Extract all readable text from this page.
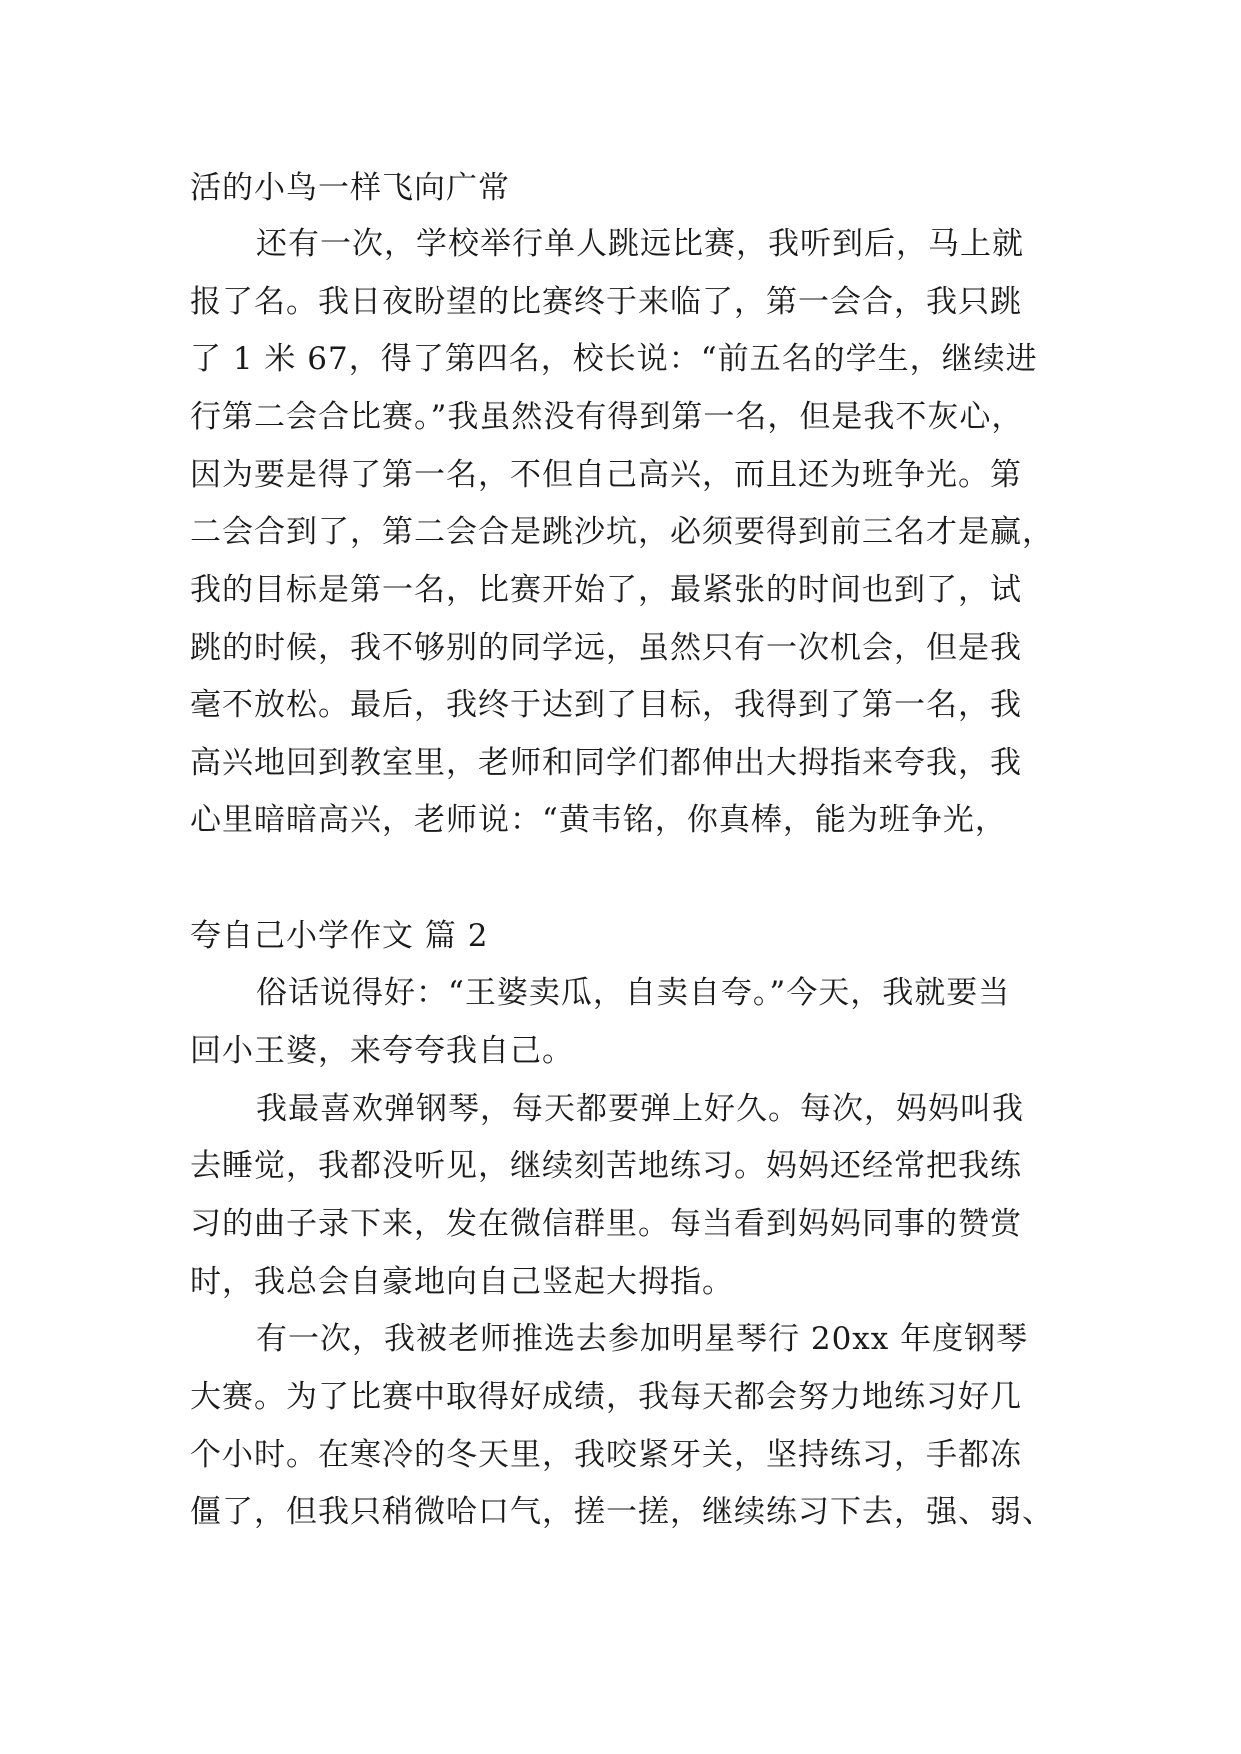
活的小鸟一样飞向广常
还有一次，学校举行单人跳远比赛，我听到后，马上就
报了名。我日夜盼望的比赛终于来临了，第一会合，我只跳
了 1 米 67，得了第四名，校长说：“前五名的学生，继续进
行第二会合比赛。”我虽然没有得到第一名，但是我不灰心，
因为要是得了第一名，不但自己高兴，而且还为班争光。第
二会合到了，第二会合是跳沙坑，必须要得到前三名才是赢，
我的目标是第一名，比赛开始了，最紧张的时间也到了，试
跳的时候，我不够别的同学远，虽然只有一次机会，但是我
毫不放松。最后，我终于达到了目标，我得到了第一名，我
高兴地回到教室里，老师和同学们都伸出大拇指来夸我，我
心里暗暗高兴，老师说：“黄韦铭，你真棒，能为班争光，
夸自己小学作文 篇 2
俗话说得好：“王婆卖瓜，自卖自夸。”今天，我就要当
回小王婆，来夸夸我自己。
我最喜欢弹钢琴，每天都要弹上好久。每次，妈妈叫我
去睡觉，我都没听见，继续刻苦地练习。妈妈还经常把我练
习的曲子录下来，发在微信群里。每当看到妈妈同事的赞赏
时，我总会自豪地向自己竖起大拇指。
有一次，我被老师推选去参加明星琴行 20xx 年度钢琴
大赛。为了比赛中取得好成绩，我每天都会努力地练习好几
个小时。在寒冷的冬天里，我咬紧牙关，坚持练习，手都冻
僵了，但我只稍微哈口气，搓一搓，继续练习下去，强、弱、
